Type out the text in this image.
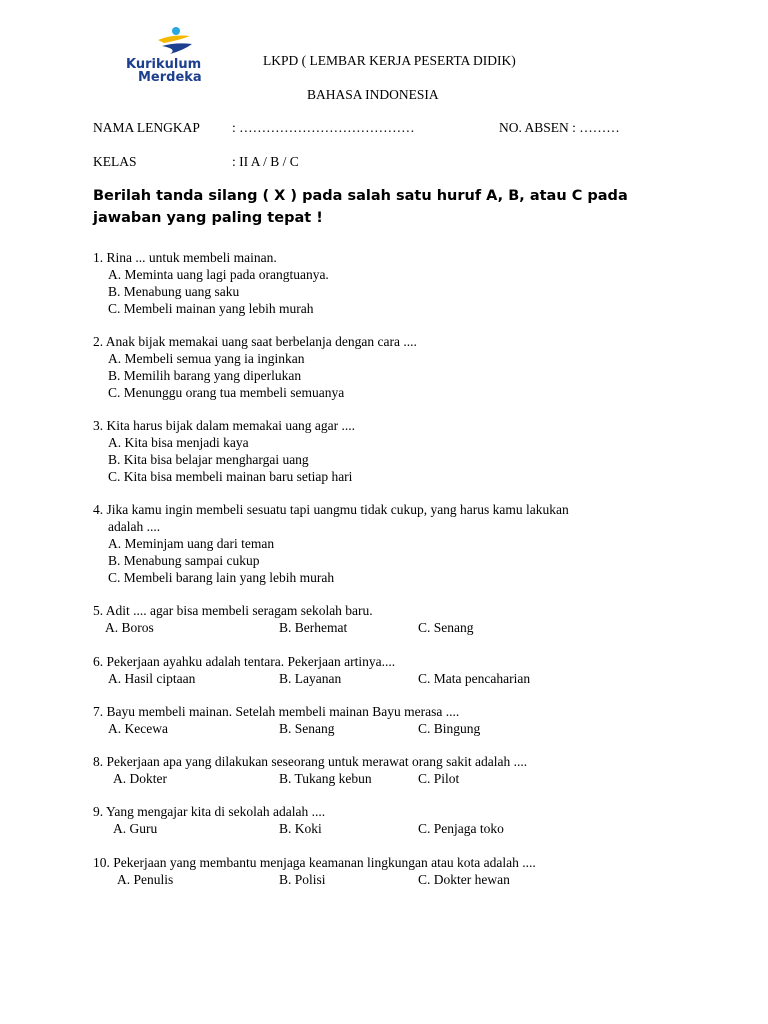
Kurikulum
Merdeka
LKPD ( LEMBAR KERJA PESERTA DIDIK)
BAHASA INDONESIA
NAMA LENGKAP : …………………………………	NO. ABSEN : ………
KELAS	: II A / B / C
Berilah tanda silang ( X ) pada salah satu huruf A, B, atau C pada jawaban yang paling tepat !
1. Rina ... untuk membeli mainan.
A. Meminta uang lagi pada orangtuanya.
B. Menabung uang saku
C. Membeli mainan yang lebih murah
2. Anak bijak memakai uang saat berbelanja dengan cara ....
A. Membeli semua yang ia inginkan
B. Memilih barang yang diperlukan
C. Menunggu orang tua membeli semuanya
3. Kita harus bijak dalam memakai uang agar ....
A. Kita bisa menjadi kaya
B. Kita bisa belajar menghargai uang
C. Kita bisa membeli mainan baru setiap hari
4. Jika kamu ingin membeli sesuatu tapi uangmu tidak cukup, yang harus kamu lakukan
adalah ....
A. Meminjam uang dari teman
B. Menabung sampai cukup
C. Membeli barang lain yang lebih murah
5. Adit .... agar bisa membeli seragam sekolah baru.
A. Boros	B. Berhemat	C. Senang
6. Pekerjaan ayahku adalah tentara. Pekerjaan artinya....
A. Hasil ciptaan	B. Layanan	C. Mata pencaharian
7. Bayu membeli mainan. Setelah membeli mainan Bayu merasa ....
A. Kecewa	B. Senang	C. Bingung
8. Pekerjaan apa yang dilakukan seseorang untuk merawat orang sakit adalah ....
A. Dokter	B. Tukang kebun	C. Pilot
9. Yang mengajar kita di sekolah adalah ....
A. Guru	B. Koki	C. Penjaga toko
10. Pekerjaan yang membantu menjaga keamanan lingkungan atau kota adalah ....
A. Penulis	B. Polisi	C. Dokter hewan
